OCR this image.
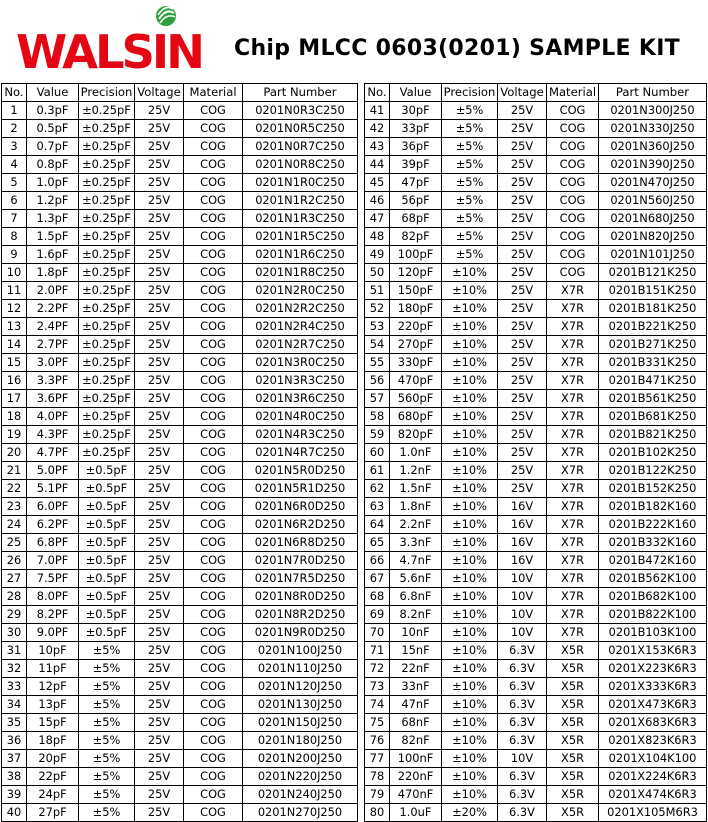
WALSIN Chip MLCC 0603(0201) SAMPLE KIT
No.	Value	Precision	Voltage	Material	Part Number
1	0.3pF	±0.25pF	25V	COG	0201N0R3C250
2	0.5pF	±0.25pF	25V	COG	0201N0R5C250
3	0.7pF	±0.25pF	25V	COG	0201N0R7C250
4	0.8pF	±0.25pF	25V	COG	0201N0R8C250
5	1.0pF	±0.25pF	25V	COG	0201N1R0C250
6	1.2pF	±0.25pF	25V	COG	0201N1R2C250
7	1.3pF	±0.25pF	25V	COG	0201N1R3C250
8	1.5pF	±0.25pF	25V	COG	0201N1R5C250
9	1.6pF	±0.25pF	25V	COG	0201N1R6C250
10	1.8pF	±0.25pF	25V	COG	0201N1R8C250
11	2.0PF	±0.25pF	25V	COG	0201N2R0C250
12	2.2PF	±0.25pF	25V	COG	0201N2R2C250
13	2.4PF	±0.25pF	25V	COG	0201N2R4C250
14	2.7PF	±0.25pF	25V	COG	0201N2R7C250
15	3.0PF	±0.25pF	25V	COG	0201N3R0C250
16	3.3PF	±0.25pF	25V	COG	0201N3R3C250
17	3.6PF	±0.25pF	25V	COG	0201N3R6C250
18	4.0PF	±0.25pF	25V	COG	0201N4R0C250
19	4.3PF	±0.25pF	25V	COG	0201N4R3C250
20	4.7PF	±0.25pF	25V	COG	0201N4R7C250
21	5.0PF	±0.5pF	25V	COG	0201N5R0D250
22	5.1PF	±0.5pF	25V	COG	0201N5R1D250
23	6.0PF	±0.5pF	25V	COG	0201N6R0D250
24	6.2PF	±0.5pF	25V	COG	0201N6R2D250
25	6.8PF	±0.5pF	25V	COG	0201N6R8D250
26	7.0PF	±0.5pF	25V	COG	0201N7R0D250
27	7.5PF	±0.5pF	25V	COG	0201N7R5D250
28	8.0PF	±0.5pF	25V	COG	0201N8R0D250
29	8.2PF	±0.5pF	25V	COG	0201N8R2D250
30	9.0PF	±0.5pF	25V	COG	0201N9R0D250
31	10pF	±5%	25V	COG	0201N100J250
32	11pF	±5%	25V	COG	0201N110J250
33	12pF	±5%	25V	COG	0201N120J250
34	13pF	±5%	25V	COG	0201N130J250
35	15pF	±5%	25V	COG	0201N150J250
36	18pF	±5%	25V	COG	0201N180J250
37	20pF	±5%	25V	COG	0201N200J250
38	22pF	±5%	25V	COG	0201N220J250
39	24pF	±5%	25V	COG	0201N240J250
40	27pF	±5%	25V	COG	0201N270J250
No.	Value	Precision	Voltage	Material	Part Number
41	30pF	±5%	25V	COG	0201N300J250
42	33pF	±5%	25V	COG	0201N330J250
43	36pF	±5%	25V	COG	0201N360J250
44	39pF	±5%	25V	COG	0201N390J250
45	47pF	±5%	25V	COG	0201N470J250
46	56pF	±5%	25V	COG	0201N560J250
47	68pF	±5%	25V	COG	0201N680J250
48	82pF	±5%	25V	COG	0201N820J250
49	100pF	±5%	25V	COG	0201N101J250
50	120pF	±10%	25V	COG	0201B121K250
51	150pF	±10%	25V	X7R	0201B151K250
52	180pF	±10%	25V	X7R	0201B181K250
53	220pF	±10%	25V	X7R	0201B221K250
54	270pF	±10%	25V	X7R	0201B271K250
55	330pF	±10%	25V	X7R	0201B331K250
56	470pF	±10%	25V	X7R	0201B471K250
57	560pF	±10%	25V	X7R	0201B561K250
58	680pF	±10%	25V	X7R	0201B681K250
59	820pF	±10%	25V	X7R	0201B821K250
60	1.0nF	±10%	25V	X7R	0201B102K250
61	1.2nF	±10%	25V	X7R	0201B122K250
62	1.5nF	±10%	25V	X7R	0201B152K250
63	1.8nF	±10%	16V	X7R	0201B182K160
64	2.2nF	±10%	16V	X7R	0201B222K160
65	3.3nF	±10%	16V	X7R	0201B332K160
66	4.7nF	±10%	16V	X7R	0201B472K160
67	5.6nF	±10%	10V	X7R	0201B562K100
68	6.8nF	±10%	10V	X7R	0201B682K100
69	8.2nF	±10%	10V	X7R	0201B822K100
70	10nF	±10%	10V	X7R	0201B103K100
71	15nF	±10%	6.3V	X5R	0201X153K6R3
72	22nF	±10%	6.3V	X5R	0201X223K6R3
73	33nF	±10%	6.3V	X5R	0201X333K6R3
74	47nF	±10%	6.3V	X5R	0201X473K6R3
75	68nF	±10%	6.3V	X5R	0201X683K6R3
76	82nF	±10%	6.3V	X5R	0201X823K6R3
77	100nF	±10%	10V	X5R	0201X104K100
78	220nF	±10%	6.3V	X5R	0201X224K6R3
79	470nF	±10%	6.3V	X5R	0201X474K6R3
80	1.0uF	±20%	6.3V	X5R	0201X105M6R3
